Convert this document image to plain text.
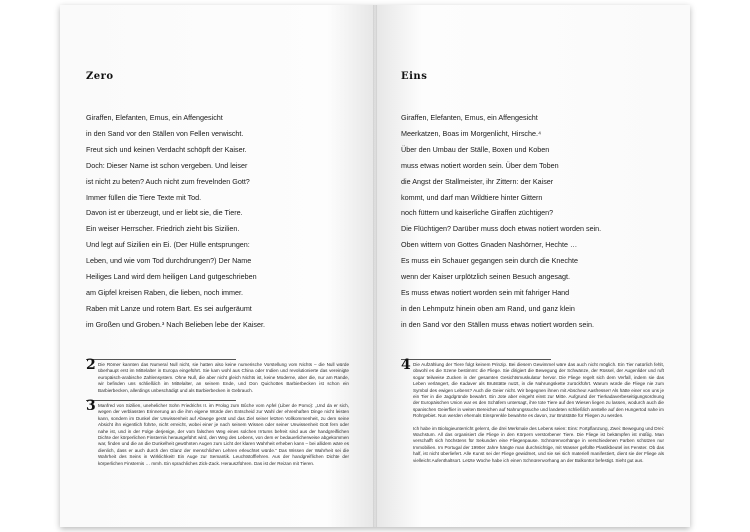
Zero
Giraffen, Elefanten, Emus, ein Affengesicht
in den Sand vor den Ställen von Fellen verwischt.
Freut sich und keinen Verdacht schöpft der Kaiser.
Doch: Dieser Name ist schon vergeben. Und leiser
ist nicht zu beten? Auch nicht zum frevelnden Gott?
Immer füllen die Tiere Texte mit Tod.
Davon ist er überzeugt, und er liebt sie, die Tiere.
Ein weiser Herrscher. Friedrich zieht bis Sizilien.
Und legt auf Sizilien ein Ei. (Der Hülle entsprungen:
Leben, und wie vom Tod durchdrungen?) Der Name
Heiliges Land wird dem heiligen Land gutgeschrieben
am Gipfel kreisen Raben, die lieben, noch immer.
Raben mit Lanze und rotem Bart. Es sei aufgeräumt
im Großen und Groben.³ Nach Belieben lebe der Kaiser.
2 Die Römer kannten das Numeral Null nicht, sie hatten also keine numerische Vorstellung vom Nichts – die Null würde überhaupt erst im Mittelalter in Europa eingeführt. Sie kam wohl aus China oder Indien und revolutionierte das vereinigte europäisch-arabische Zahlensystem. Ohne Null, die aber nicht gleich Nichts ist, keine Moderne, aber die, nur am Rande, wir befinden uns schließlich im Mittelalter, an seinem Ende, und Don Quichottes Barbierbecken ist schon ein Barbierbecken, allerdings unbeschädigt und als Barbierbecken in Gebrauch.
3 Manfred von Sizilien, unehelicher Sohn Friedrichs II. im Prolog zum Bûche vom Apfel (Liber de Pomo): „Und da er sich, wegen der verblassten Erinnerung an die ihm eigene Würde den Entscheid zur Wahl der ehrenhaften Dinge nicht leisten kann, sondern im Dunkel der Unwissenheit auf Abwege gerät und das Ziel seiner letzten Vollkommenheit, zu dem seine Absicht ihn eigentlich führte, nicht erreicht, wobei einer je nach seinem Wissen oder seiner Unwissenheit Gott fern oder nahe ist, und in der Folge derjenige, der vom falschen Weg eines solchen Irrtums befreit sind aus der handgreiflichen Dichte der körperlichen Finsternis herausgeführt wird, den Weg des Lebens, von dem er bedauerlicherweise abgekommen war, finden und die an die Dunkelheit gewöhnten Augen zum Licht der klaren Wahrheit erheben kann – bei allidem wäre es dienlich, dass er auch durch den Glanz der menschlichen Lehren erleuchtet würde.“ Das Wissen der Wahrheit sei die Wahrheit des Seins in Wirklichkeit! Ein Auge zur Semantik. Leuchtstofflehren. Aus der handgreiflichen Dichte der körperlichen Finsternis … mmh. Ein sprachliches Zick-Zack. Herauszführen. Das ist der Reizan mit Tieren.
Eins
Giraffen, Elefanten, Emus, ein Affengesicht
Meerkatzen, Boas im Morgenlicht, Hirsche.⁴
Über den Umbau der Ställe, Boxen und Koben
muss etwas notiert worden sein. Über dem Toben
die Angst der Stallmeister, ihr Zittern: der Kaiser
kommt, und darf man Wildtiere hinter Gittern
noch füttern und kaiserliche Giraffen züchtigen?
Die Flüchtigen? Darüber muss doch etwas notiert worden sein.
Oben wittern von Gottes Gnaden Nashörner, Hechte …
Es muss ein Schauer gegangen sein durch die Knechte
wenn der Kaiser urplötzlich seinen Besuch angesagt.
Es muss etwas notiert worden sein mit fahriger Hand
in den Lehmputz hinein oben am Rand, und ganz klein
in den Sand vor den Ställen muss etwas notiert worden sein.
4 Die Aufzählung der Tiere folgt keinem Prinzip. Bei diesem Gewimmel wäre das auch nicht möglich. Ein Tier natürlich fehlt, obwohl es die Szene bestimmt: die Fliege. Sie dirigiert die Bewegung der Schwänze, der Rüssel, der Augenlider und ruft sogar teilweise Zucken in der gesamten Gesichtsmuskulatur hervor. Die Fliege regelt sich dem Verfall, indem sie das Leben verlängert, die Kadaver als Brutstätte nutzt, in die Nahrungskette zurückführt. Warum würde die Fliege nie zum Symbol des ewigen Lebens? Auch die Geier nicht. Wir begegnen ihnen mit Abscheu! Aasfresser! Als hätte einer von uns je ein Tier in die Jagdgründe bewahrt. Ein Jote aber eingeht einst zur Mitte. Aufgrund der Tierkadaverbeseitigungsordnung der Europäischen Union war es den Schäfern untersagt, ihre tote Tiere auf den Wiesen liegen zu lassen, wodurch auch die spanischen Geierflier in weiten Bereichen auf Nahrungssuche und landeten schließlich anstelle auf den Hungertod nahe im Rohrgebiet. Nun werden ehemals Einsprenkle bewahrte es davon, zur Brutstätte für Fliegen zu werden.
Ich habe im Biologieunterricht gelernt, die drei Merkmale des Lebens seien: Eins: Fortpflanzung, Zwei: Bewegung und Drei: Wachstum. All das organisiert die Fliege in den Körpern verstorbener Tiere. Die Fliege ist bekämpfen ist müßig. Man verschafft sich höchstens für Sekunden eine Fliegenpause. Schnürenvorhänge in verschiedenen Farben schützen nur Immobilien. Im Portugal der 1990er Jahre hängte man durchsichtige, mit Wasser gefüllte Plastikbeutel ins Fenster. Ob das half, ist nicht überliefert. Alle Kunst sei der Fliege gewidmet, und sie sei sich materiell manifestiert, dient sie der Fliege als vielleicht Aufenthaltsort. Letzte Woche habe ich einen Schnürenvorhang an der Balkontür befestigt. Sieht gut aus.
